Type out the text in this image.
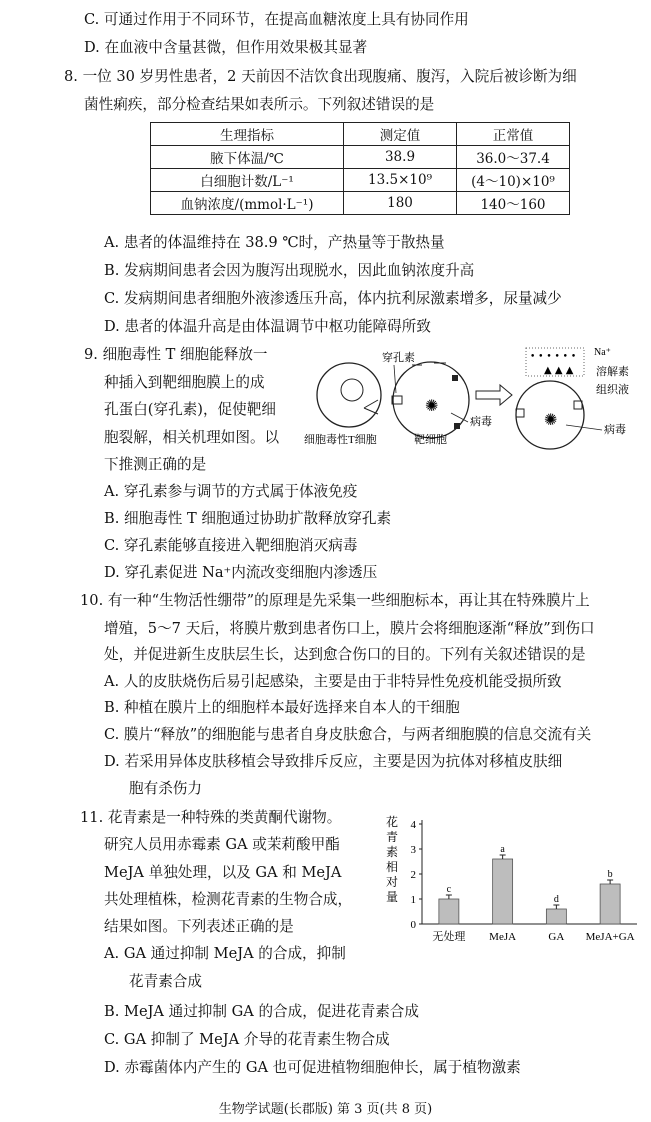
C. 可通过作用于不同环节，在提高血糖浓度上具有协同作用
D. 在血液中含量甚微，但作用效果极其显著
8. 一位 30 岁男性患者，2 天前因不洁饮食出现腹痛、腹泻，入院后被诊断为细
菌性痢疾，部分检查结果如表所示。下列叙述错误的是
生理指标	测定值	正常值
腋下体温/℃	38.9	36.0～37.4
白细胞计数/L⁻¹	13.5×10⁹	(4～10)×10⁹
血钠浓度/(mmol·L⁻¹)	180	140～160
A. 患者的体温维持在 38.9 ℃时，产热量等于散热量
B. 发病期间患者会因为腹泻出现脱水，因此血钠浓度升高
C. 发病期间患者细胞外液渗透压升高，体内抗利尿激素增多，尿量减少
D. 患者的体温升高是由体温调节中枢功能障碍所致
9. 细胞毒性 T 细胞能释放一
种插入到靶细胞膜上的成
孔蛋白(穿孔素)，促使靶细
胞裂解，相关机理如图。以
下推测正确的是
穿孔素
✺
病毒
细胞毒性T细胞	靶细胞
• • • • • •
▲ ▲ ▲
✺
Na⁺
溶解素
组织液
病毒
A. 穿孔素参与调节的方式属于体液免疫
B. 细胞毒性 T 细胞通过协助扩散释放穿孔素
C. 穿孔素能够直接进入靶细胞消灭病毒
D. 穿孔素促进 Na⁺内流改变细胞内渗透压
10. 有一种“生物活性绷带”的原理是先采集一些细胞标本，再让其在特殊膜片上
增殖，5～7 天后，将膜片敷到患者伤口上，膜片会将细胞逐渐“释放”到伤口
处，并促进新生皮肤层生长，达到愈合伤口的目的。下列有关叙述错误的是
A. 人的皮肤烧伤后易引起感染，主要是由于非特异性免疫机能受损所致
B. 种植在膜片上的细胞样本最好选择来自本人的干细胞
C. 膜片“释放”的细胞能与患者自身皮肤愈合，与两者细胞膜的信息交流有关
D. 若采用异体皮肤移植会导致排斥反应，主要是因为抗体对移植皮肤细
胞有杀伤力
11. 花青素是一种特殊的类黄酮代谢物。
研究人员用赤霉素 GA 或茉莉酸甲酯
MeJA 单独处理，以及 GA 和 MeJA
共处理植株，检测花青素的生物合成，
结果如图。下列表述正确的是
A. GA 通过抑制 MeJA 的合成，抑制
花青素合成
B. MeJA 通过抑制 GA 的合成，促进花青素合成
C. GA 抑制了 MeJA 介导的花青素生物合成
D. 赤霉菌体内产生的 GA 也可促进植物细胞伸长，属于植物激素
花
青
素
相
对
量
0
1
2
3
4
c
无处理
a
MeJA
d
GA
b
MeJA+GA
生物学试题(长郡版) 第 3 页(共 8 页)
